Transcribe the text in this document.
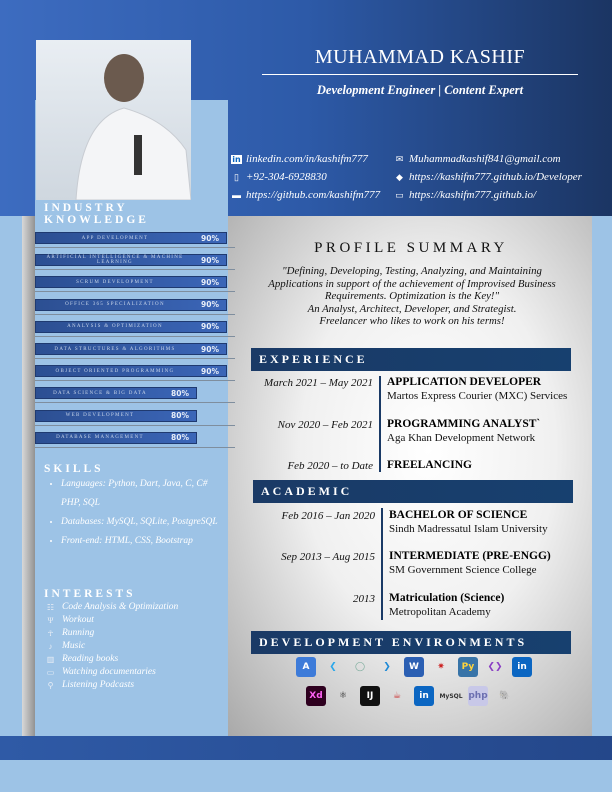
MUHAMMAD KASHIF
Development Engineer | Content Expert
in linkedin.com/in/kashifm777
▯ +92-304-6928830
▬ https://github.com/kashifm777
✉ Muhammadkashif841@gmail.com
◆ https://kashifm777.github.io/Developer
▭ https://kashifm777.github.io/
INDUSTRY KNOWLEDGE
APP DEVELOPMENT	90%
ARTIFICIAL INTELLIGENCE & MACHINE LEARNING	90%
SCRUM DEVELOPMENT	90%
OFFICE 365 SPECIALIZATION	90%
ANALYSIS & OPTIMIZATION	90%
DATA STRUCTURES & ALGORITHMS	90%
OBJECT ORIENTED PROGRAMMING	90%
DATA SCIENCE & BIG DATA	80%
WEB DEVELOPMENT	80%
DATABASE MANAGEMENT	80%
SKILLS
• Languages: Python, Dart, Java, C, C# PHP, SQL
• Databases: MySQL, SQLite, PostgreSQL
• Front-end: HTML, CSS, Bootstrap
INTERESTS
☷ Code Analysis & Optimization
Ψ Workout
☥ Running
♪	Music
▥ Reading books
▭ Watching documentaries
⚲ Listening Podcasts
PROFILE SUMMARY
"Defining, Developing, Testing, Analyzing, and Maintaining Applications in support of the achievement of Improvised Business Requirements. Optimization is the Key!"
An Analyst, Architect, Developer, and Strategist.
Freelancer who likes to work on his terms!
EXPERIENCE
March 2021 – May 2021 APPLICATION DEVELOPER
Martos Express Courier (MXC) Services
Nov 2020 – Feb 2021 PROGRAMMING ANALYST`
Aga Khan Development Network
Feb 2020 – to Date FREELANCING
ACADEMIC
Feb 2016 – Jan 2020 BACHELOR OF SCIENCE
Sindh Madressatul Islam University
Sep 2013 – Aug 2015 INTERMEDIATE (PRE-ENGG)
SM Government Science College
2013 Matriculation (Science)
Metropolitan Academy
DEVELOPMENT ENVIRONMENTS
A	❮	◯	❯	W	✷	Py	❮❯	in
Xd	⚛	IJ	☕	in	MySQL php	🐘
